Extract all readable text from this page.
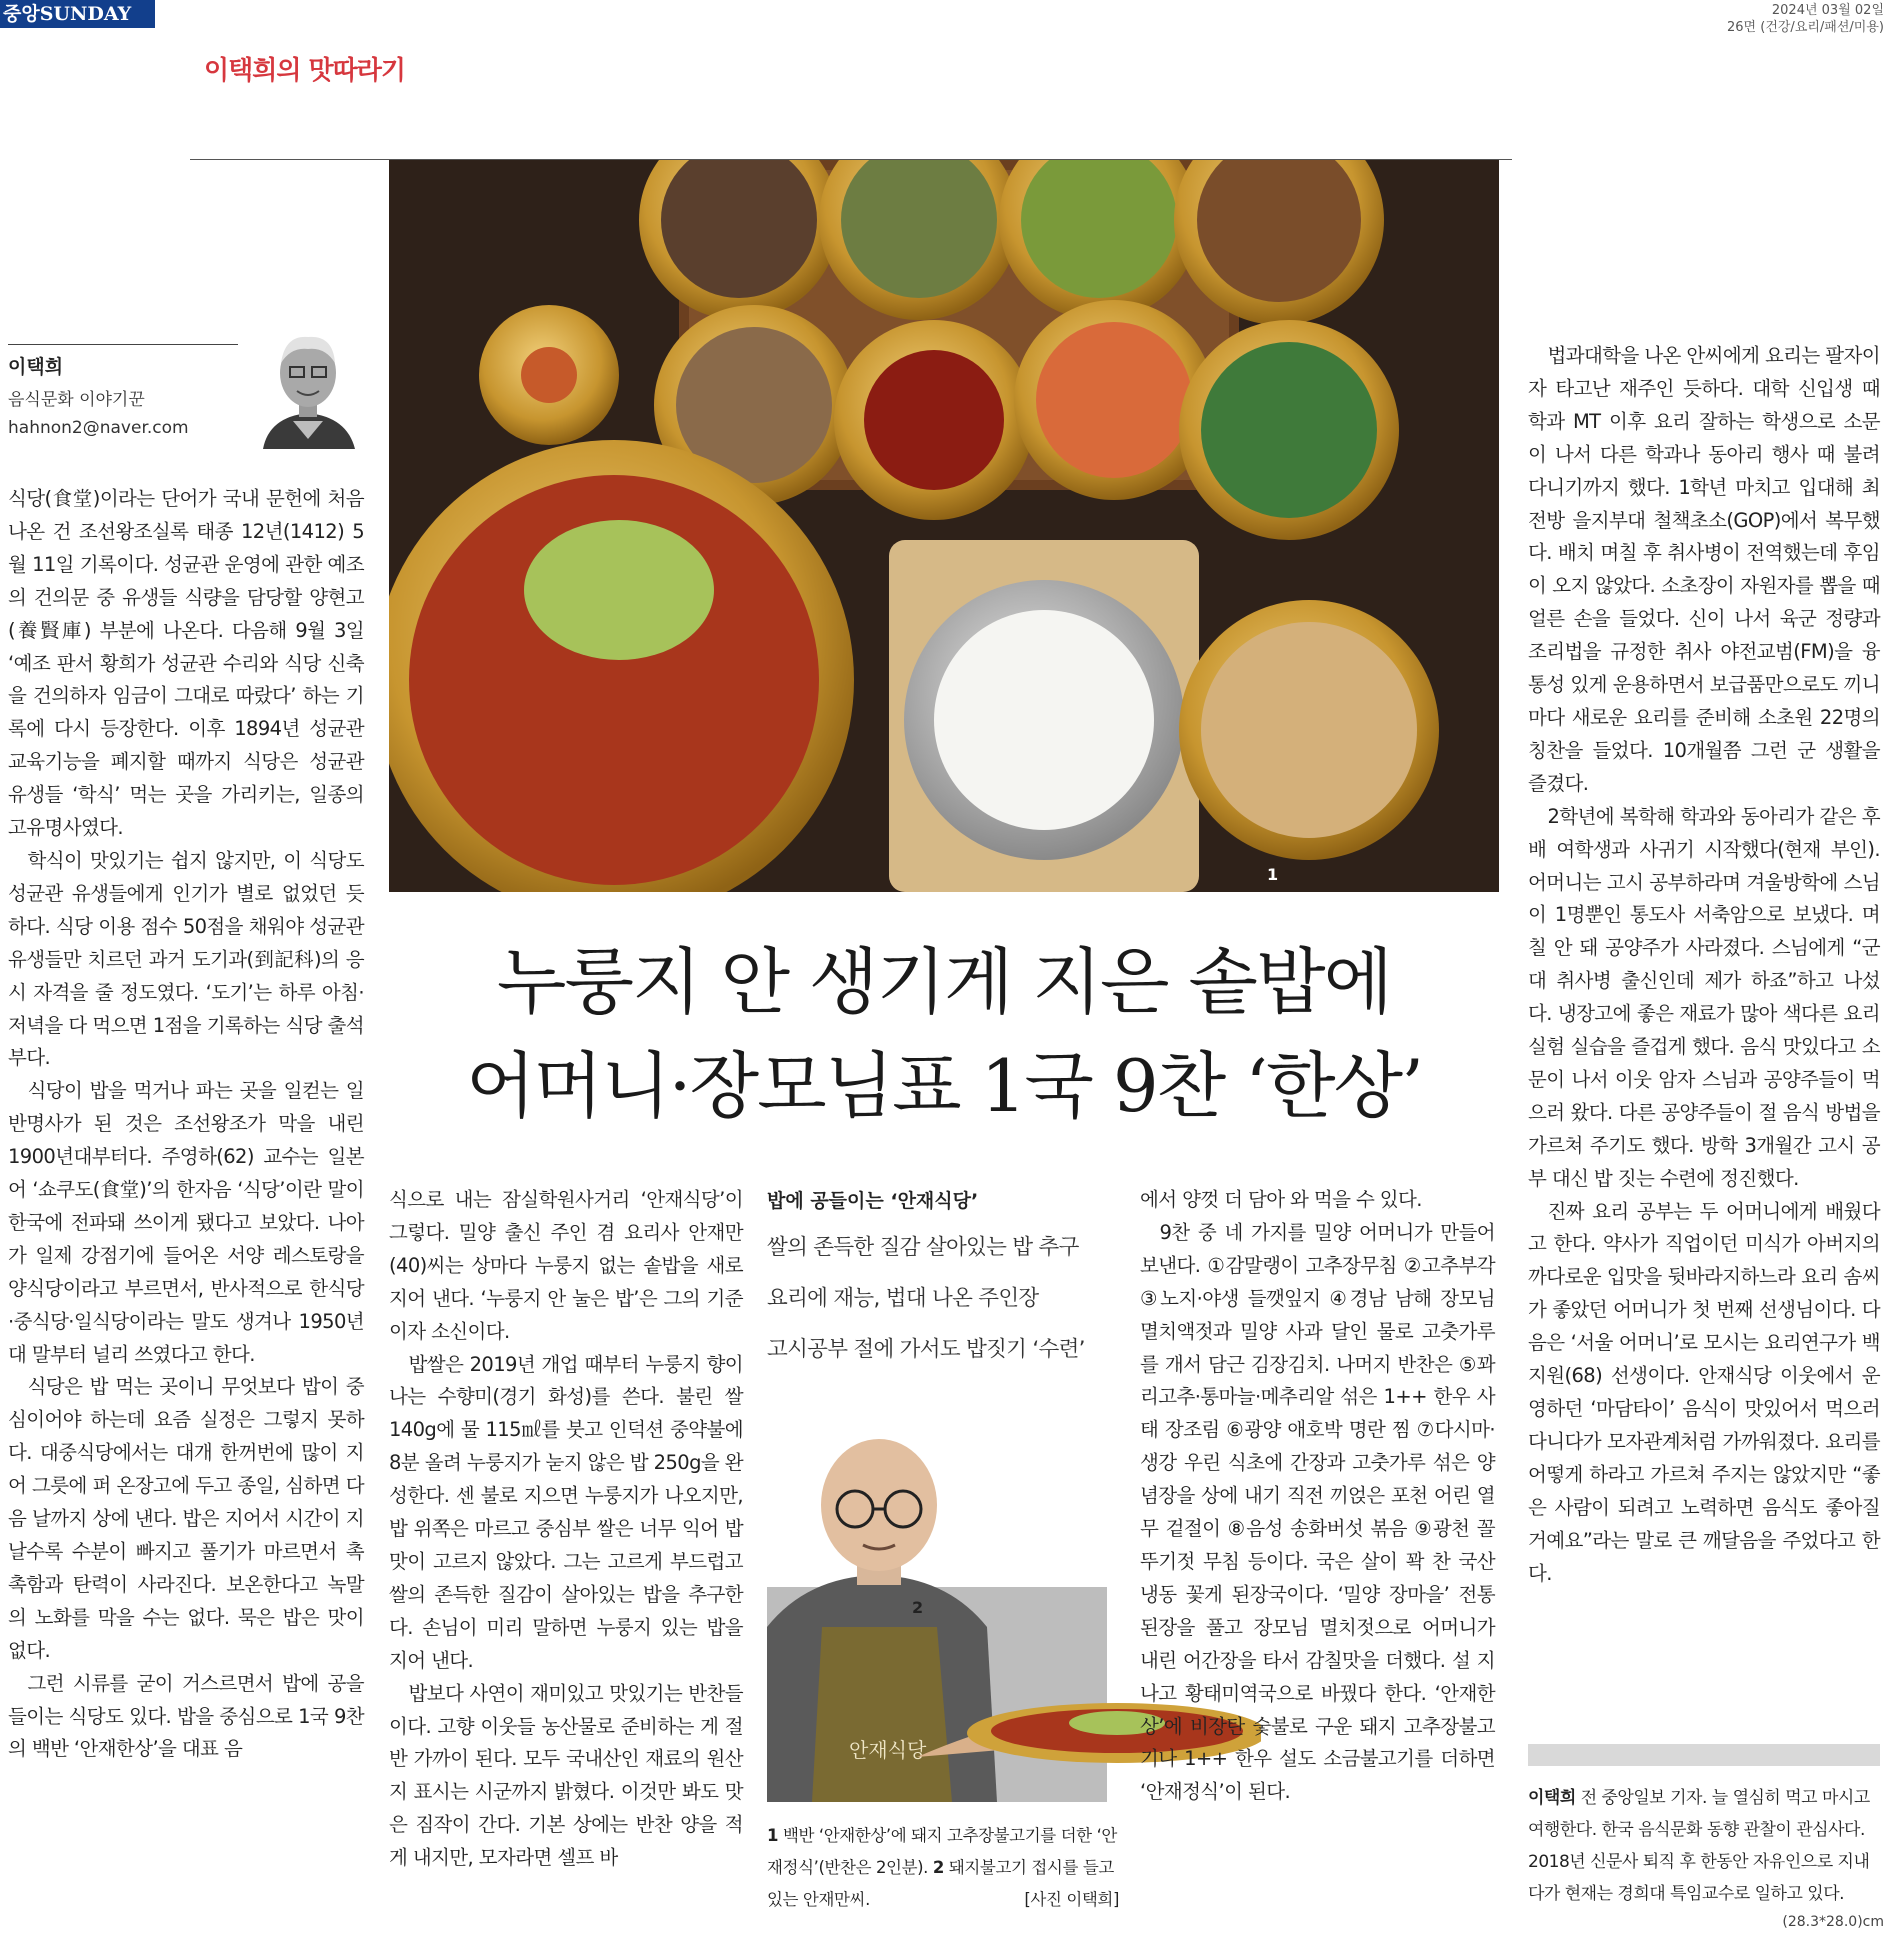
중앙SUNDAY	2024년 03월 02일
26면 (건강/요리/패션/미용)
이택희의 맛따라기
1
이택희
음식문화 이야기꾼
hahnon2@naver.com
누룽지 안 생기게 지은 솥밥에
어머니·장모님표 1국 9찬 ‘한상’

식당(食堂)이라는 단어가 국내 문헌에 처음 나온 건 조선왕조실록 태종 12년(1412) 5월 11일 기록이다. 성균관 운영에 관한 예조의 건의문 중 유생들 식량을 담당할 양현고(養賢庫) 부분에 나온다. 다음해 9월 3일 ‘예조 판서 황희가 성균관 수리와 식당 신축을 건의하자 임금이 그대로 따랐다’ 하는 기록에 다시 등장한다. 이후 1894년 성균관 교육기능을 폐지할 때까지 식당은 성균관 유생들 ‘학식’ 먹는 곳을 가리키는, 일종의 고유명사였다.

학식이 맛있기는 쉽지 않지만, 이 식당도 성균관 유생들에게 인기가 별로 없었던 듯하다. 식당 이용 점수 50점을 채워야 성균관 유생들만 치르던 과거 도기과(到記科)의 응시 자격을 줄 정도였다. ‘도기’는 하루 아침·저녁을 다 먹으면 1점을 기록하는 식당 출석부다.

식당이 밥을 먹거나 파는 곳을 일컫는 일반명사가 된 것은 조선왕조가 막을 내린 1900년대부터다. 주영하(62) 교수는 일본어 ‘쇼쿠도(食堂)’의 한자음 ‘식당’이란 말이 한국에 전파돼 쓰이게 됐다고 보았다. 나아가 일제 강점기에 들어온 서양 레스토랑을 양식당이라고 부르면서, 반사적으로 한식당·중식당·일식당이라는 말도 생겨나 1950년대 말부터 널리 쓰였다고 한다.

식당은 밥 먹는 곳이니 무엇보다 밥이 중심이어야 하는데 요즘 실정은 그렇지 못하다. 대중식당에서는 대개 한꺼번에 많이 지어 그릇에 퍼 온장고에 두고 종일, 심하면 다음 날까지 상에 낸다. 밥은 지어서 시간이 지날수록 수분이 빠지고 풀기가 마르면서 촉촉함과 탄력이 사라진다. 보온한다고 녹말의 노화를 막을 수는 없다. 묵은 밥은 맛이 없다.

그런 시류를 굳이 거스르면서 밥에 공을 들이는 식당도 있다. 밥을 중심으로 1국 9찬의 백반 ‘안재한상’을 대표 음

식으로 내는 잠실학원사거리 ‘안재식당’이 그렇다. 밀양 출신 주인 겸 요리사 안재만(40)씨는 상마다 누룽지 없는 솥밥을 새로 지어 낸다. ‘누룽지 안 눌은 밥’은 그의 기준이자 소신이다.

밥쌀은 2019년 개업 때부터 누룽지 향이 나는 수향미(경기 화성)를 쓴다. 불린 쌀 140g에 물 115㎖를 붓고 인덕션 중약불에 8분 올려 누룽지가 눋지 않은 밥 250g을 완성한다. 센 불로 지으면 누룽지가 나오지만, 밥 위쪽은 마르고 중심부 쌀은 너무 익어 밥맛이 고르지 않았다. 그는 고르게 부드럽고 쌀의 존득한 질감이 살아있는 밥을 추구한다. 손님이 미리 말하면 누룽지 있는 밥을 지어 낸다.

밥보다 사연이 재미있고 맛있기는 반찬들이다. 고향 이웃들 농산물로 준비하는 게 절반 가까이 된다. 모두 국내산인 재료의 원산지 표시는 시군까지 밝혔다. 이것만 봐도 맛은 짐작이 간다. 기본 상에는 반찬 양을 적게 내지만, 모자라면 셀프 바

밥에 공들이는 ‘안재식당’
쌀의 존득한 질감 살아있는 밥 추구
요리에 재능, 법대 나온 주인장
고시공부 절에 가서도 밥짓기 ‘수련’
안재식당
2
1 백반 ‘안재한상’에 돼지 고추장불고기를 더한 ‘안재정식’(반찬은 2인분). 2 돼지불고기 접시를 들고 있는 안재만씨.	[사진 이택희]

에서 양껏 더 담아 와 먹을 수 있다.

9찬 중 네 가지를 밀양 어머니가 만들어 보낸다. ①감말랭이 고추장무침 ②고추부각 ③노지·야생 들깻잎지 ④경남 남해 장모님 멸치액젓과 밀양 사과 달인 물로 고춧가루를 개서 담근 김장김치. 나머지 반찬은 ⑤꽈리고추·통마늘·메추리알 섞은 1++ 한우 사태 장조림 ⑥광양 애호박 명란 찜 ⑦다시마·생강 우린 식초에 간장과 고춧가루 섞은 양념장을 상에 내기 직전 끼얹은 포천 어린 열무 겉절이 ⑧음성 송화버섯 볶음 ⑨광천 꼴뚜기젓 무침 등이다. 국은 살이 꽉 찬 국산 냉동 꽃게 된장국이다. ‘밀양 장마을’ 전통 된장을 풀고 장모님 멸치젓으로 어머니가 내린 어간장을 타서 감칠맛을 더했다. 설 지나고 황태미역국으로 바꿨다 한다. ‘안재한상’에 비장탄 숯불로 구운 돼지 고추장불고기나 1++ 한우 설도 소금불고기를 더하면 ‘안재정식’이 된다.

법과대학을 나온 안씨에게 요리는 팔자이자 타고난 재주인 듯하다. 대학 신입생 때 학과 MT 이후 요리 잘하는 학생으로 소문이 나서 다른 학과나 동아리 행사 때 불려 다니기까지 했다. 1학년 마치고 입대해 최전방 을지부대 철책초소(GOP)에서 복무했다. 배치 며칠 후 취사병이 전역했는데 후임이 오지 않았다. 소초장이 자원자를 뽑을 때 얼른 손을 들었다. 신이 나서 육군 정량과 조리법을 규정한 취사 야전교범(FM)을 융통성 있게 운용하면서 보급품만으로도 끼니마다 새로운 요리를 준비해 소초원 22명의 칭찬을 들었다. 10개월쯤 그런 군 생활을 즐겼다.

2학년에 복학해 학과와 동아리가 같은 후배 여학생과 사귀기 시작했다(현재 부인). 어머니는 고시 공부하라며 겨울방학에 스님이 1명뿐인 통도사 서축암으로 보냈다. 며칠 안 돼 공양주가 사라졌다. 스님에게 “군대 취사병 출신인데 제가 하죠”하고 나섰다. 냉장고에 좋은 재료가 많아 색다른 요리 실험 실습을 즐겁게 했다. 음식 맛있다고 소문이 나서 이웃 암자 스님과 공양주들이 먹으러 왔다. 다른 공양주들이 절 음식 방법을 가르쳐 주기도 했다. 방학 3개월간 고시 공부 대신 밥 짓는 수련에 정진했다.

진짜 요리 공부는 두 어머니에게 배웠다고 한다. 약사가 직업이던 미식가 아버지의 까다로운 입맛을 뒷바라지하느라 요리 솜씨가 좋았던 어머니가 첫 번째 선생님이다. 다음은 ‘서울 어머니’로 모시는 요리연구가 백지원(68) 선생이다. 안재식당 이웃에서 운영하던 ‘마담타이’ 음식이 맛있어서 먹으러 다니다가 모자관계처럼 가까워졌다. 요리를 어떻게 하라고 가르쳐 주지는 않았지만 “좋은 사람이 되려고 노력하면 음식도 좋아질 거예요”라는 말로 큰 깨달음을 주었다고 한다.

이택희 전 중앙일보 기자. 늘 열심히 먹고 마시고 여행한다. 한국 음식문화 동향 관찰이 관심사다. 2018년 신문사 퇴직 후 한동안 자유인으로 지내다가 현재는 경희대 특임교수로 일하고 있다.
(28.3*28.0)cm
